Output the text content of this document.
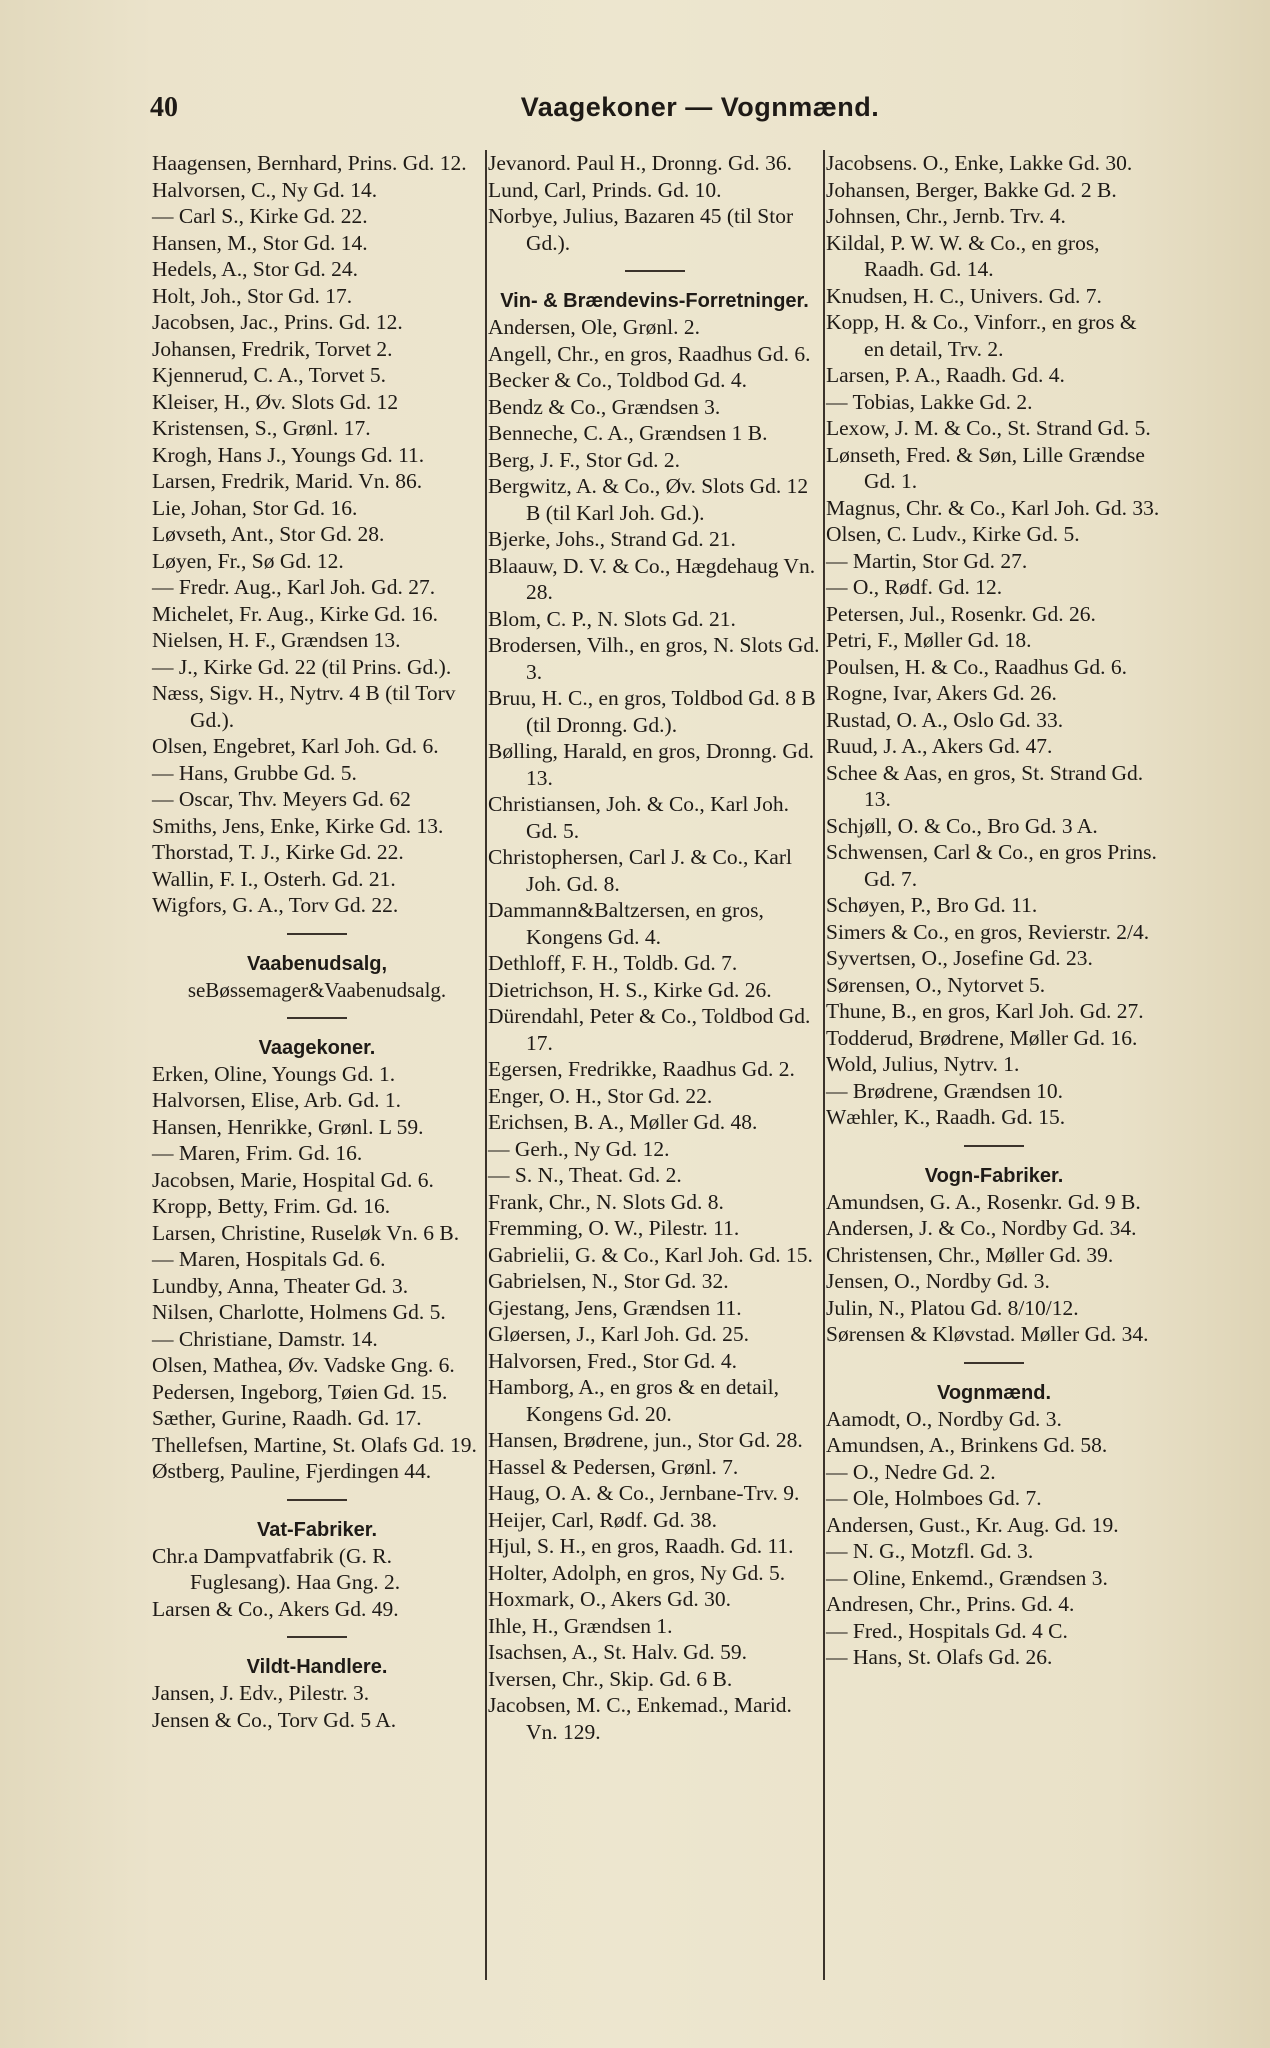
40	Vaagekoner — Vognmænd.
Haagensen, Bernhard, Prins. Gd. 12.
Halvorsen, C., Ny Gd. 14.
— Carl S., Kirke Gd. 22.
Hansen, M., Stor Gd. 14.
Hedels, A., Stor Gd. 24.
Holt, Joh., Stor Gd. 17.
Jacobsen, Jac., Prins. Gd. 12.
Johansen, Fredrik, Torvet 2.
Kjennerud, C. A., Torvet 5.
Kleiser, H., Øv. Slots Gd. 12
Kristensen, S., Grønl. 17.
Krogh, Hans J., Youngs Gd. 11.
Larsen, Fredrik, Marid. Vn. 86.
Lie, Johan, Stor Gd. 16.
Løvseth, Ant., Stor Gd. 28.
Løyen, Fr., Sø Gd. 12.
— Fredr. Aug., Karl Joh. Gd. 27.
Michelet, Fr. Aug., Kirke Gd. 16.
Nielsen, H. F., Grændsen 13.
— J., Kirke Gd. 22 (til Prins. Gd.).
Næss, Sigv. H., Nytrv. 4 B (til Torv Gd.).
Olsen, Engebret, Karl Joh. Gd. 6.
— Hans, Grubbe Gd. 5.
— Oscar, Thv. Meyers Gd. 62
Smiths, Jens, Enke, Kirke Gd. 13.
Thorstad, T. J., Kirke Gd. 22.
Wallin, F. I., Osterh. Gd. 21.
Wigfors, G. A., Torv Gd. 22.
Vaabenudsalg,
seBøssemager&Vaabenudsalg.
Vaagekoner.
Erken, Oline, Youngs Gd. 1.
Halvorsen, Elise, Arb. Gd. 1.
Hansen, Henrikke, Grønl. L 59.
— Maren, Frim. Gd. 16.
Jacobsen, Marie, Hospital Gd. 6.
Kropp, Betty, Frim. Gd. 16.
Larsen, Christine, Ruseløk Vn. 6 B.
— Maren, Hospitals Gd. 6.
Lundby, Anna, Theater Gd. 3.
Nilsen, Charlotte, Holmens Gd. 5.
— Christiane, Damstr. 14.
Olsen, Mathea, Øv. Vadske Gng. 6.
Pedersen, Ingeborg, Tøien Gd. 15.
Sæther, Gurine, Raadh. Gd. 17.
Thellefsen, Martine, St. Olafs Gd. 19.
Østberg, Pauline, Fjerdingen 44.
Vat-Fabriker.
Chr.a Dampvatfabrik (G. R. Fuglesang). Haa Gng. 2.
Larsen & Co., Akers Gd. 49.
Vildt-Handlere.
Jansen, J. Edv., Pilestr. 3.
Jensen & Co., Torv Gd. 5 A.
Jevanord. Paul H., Dronng. Gd. 36.
Lund, Carl, Prinds. Gd. 10.
Norbye, Julius, Bazaren 45 (til Stor Gd.).
Vin- & Brændevins-Forretninger.
Andersen, Ole, Grønl. 2.
Angell, Chr., en gros, Raadhus Gd. 6.
Becker & Co., Toldbod Gd. 4.
Bendz & Co., Grændsen 3.
Benneche, C. A., Grændsen 1 B.
Berg, J. F., Stor Gd. 2.
Bergwitz, A. & Co., Øv. Slots Gd. 12 B (til Karl Joh. Gd.).
Bjerke, Johs., Strand Gd. 21.
Blaauw, D. V. & Co., Hægdehaug Vn. 28.
Blom, C. P., N. Slots Gd. 21.
Brodersen, Vilh., en gros, N. Slots Gd. 3.
Bruu, H. C., en gros, Toldbod Gd. 8 B (til Dronng. Gd.).
Bølling, Harald, en gros, Dronng. Gd. 13.
Christiansen, Joh. & Co., Karl Joh. Gd. 5.
Christophersen, Carl J. & Co., Karl Joh. Gd. 8.
Dammann&Baltzersen, en gros, Kongens Gd. 4.
Dethloff, F. H., Toldb. Gd. 7.
Dietrichson, H. S., Kirke Gd. 26.
Dürendahl, Peter & Co., Toldbod Gd. 17.
Egersen, Fredrikke, Raadhus Gd. 2.
Enger, O. H., Stor Gd. 22.
Erichsen, B. A., Møller Gd. 48.
— Gerh., Ny Gd. 12.
— S. N., Theat. Gd. 2.
Frank, Chr., N. Slots Gd. 8.
Fremming, O. W., Pilestr. 11.
Gabrielii, G. & Co., Karl Joh. Gd. 15.
Gabrielsen, N., Stor Gd. 32.
Gjestang, Jens, Grændsen 11.
Gløersen, J., Karl Joh. Gd. 25.
Halvorsen, Fred., Stor Gd. 4.
Hamborg, A., en gros & en detail, Kongens Gd. 20.
Hansen, Brødrene, jun., Stor Gd. 28.
Hassel & Pedersen, Grønl. 7.
Haug, O. A. & Co., Jernbane-Trv. 9.
Heijer, Carl, Rødf. Gd. 38.
Hjul, S. H., en gros, Raadh. Gd. 11.
Holter, Adolph, en gros, Ny Gd. 5.
Hoxmark, O., Akers Gd. 30.
Ihle, H., Grændsen 1.
Isachsen, A., St. Halv. Gd. 59.
Iversen, Chr., Skip. Gd. 6 B.
Jacobsen, M. C., Enkemad., Marid. Vn. 129.
Jacobsens. O., Enke, Lakke Gd. 30.
Johansen, Berger, Bakke Gd. 2 B.
Johnsen, Chr., Jernb. Trv. 4.
Kildal, P. W. W. & Co., en gros, Raadh. Gd. 14.
Knudsen, H. C., Univers. Gd. 7.
Kopp, H. & Co., Vinforr., en gros & en detail, Trv. 2.
Larsen, P. A., Raadh. Gd. 4.
— Tobias, Lakke Gd. 2.
Lexow, J. M. & Co., St. Strand Gd. 5.
Lønseth, Fred. & Søn, Lille Grændse Gd. 1.
Magnus, Chr. & Co., Karl Joh. Gd. 33.
Olsen, C. Ludv., Kirke Gd. 5.
— Martin, Stor Gd. 27.
— O., Rødf. Gd. 12.
Petersen, Jul., Rosenkr. Gd. 26.
Petri, F., Møller Gd. 18.
Poulsen, H. & Co., Raadhus Gd. 6.
Rogne, Ivar, Akers Gd. 26.
Rustad, O. A., Oslo Gd. 33.
Ruud, J. A., Akers Gd. 47.
Schee & Aas, en gros, St. Strand Gd. 13.
Schjøll, O. & Co., Bro Gd. 3 A.
Schwensen, Carl & Co., en gros Prins. Gd. 7.
Schøyen, P., Bro Gd. 11.
Simers & Co., en gros, Revierstr. 2/4.
Syvertsen, O., Josefine Gd. 23.
Sørensen, O., Nytorvet 5.
Thune, B., en gros, Karl Joh. Gd. 27.
Todderud, Brødrene, Møller Gd. 16.
Wold, Julius, Nytrv. 1.
— Brødrene, Grændsen 10.
Wæhler, K., Raadh. Gd. 15.
Vogn-Fabriker.
Amundsen, G. A., Rosenkr. Gd. 9 B.
Andersen, J. & Co., Nordby Gd. 34.
Christensen, Chr., Møller Gd. 39.
Jensen, O., Nordby Gd. 3.
Julin, N., Platou Gd. 8/10/12.
Sørensen & Kløvstad. Møller Gd. 34.
Vognmænd.
Aamodt, O., Nordby Gd. 3.
Amundsen, A., Brinkens Gd. 58.
— O., Nedre Gd. 2.
— Ole, Holmboes Gd. 7.
Andersen, Gust., Kr. Aug. Gd. 19.
— N. G., Motzfl. Gd. 3.
— Oline, Enkemd., Grændsen 3.
Andresen, Chr., Prins. Gd. 4.
— Fred., Hospitals Gd. 4 C.
— Hans, St. Olafs Gd. 26.
